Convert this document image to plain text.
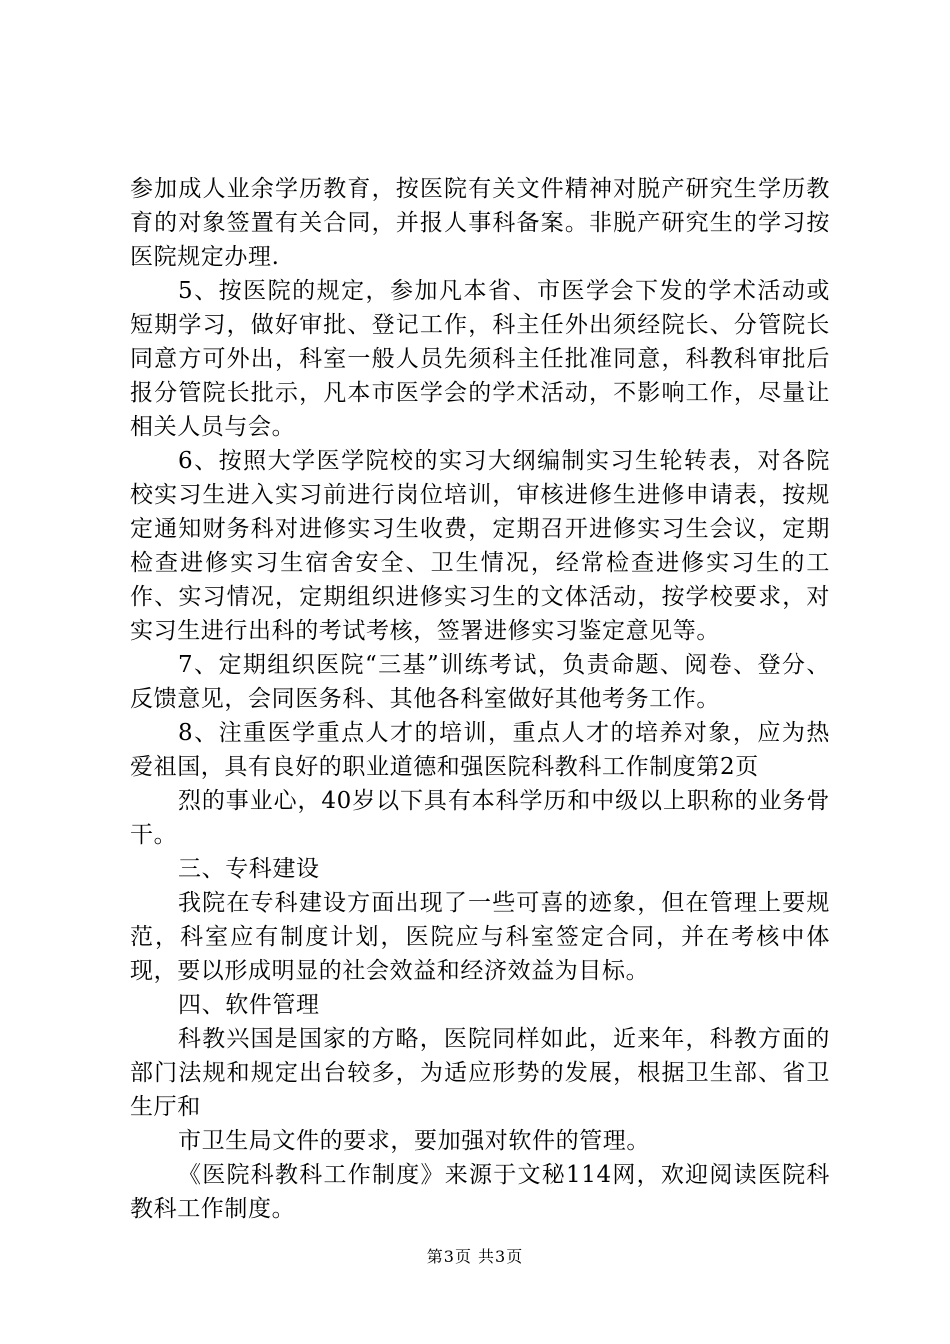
参加成人业余学历教育，按医院有关文件精神对脱产研究生学历教育的对象签置有关合同，并报人事科备案。非脱产研究生的学习按医院规定办理.

5、按医院的规定，参加凡本省、市医学会下发的学术活动或短期学习，做好审批、登记工作，科主任外出须经院长、分管院长同意方可外出，科室一般人员先须科主任批准同意，科教科审批后报分管院长批示，凡本市医学会的学术活动，不影响工作，尽量让相关人员与会。

6、按照大学医学院校的实习大纲编制实习生轮转表，对各院校实习生进入实习前进行岗位培训，审核进修生进修申请表，按规定通知财务科对进修实习生收费，定期召开进修实习生会议，定期检查进修实习生宿舍安全、卫生情况，经常检查进修实习生的工作、实习情况，定期组织进修实习生的文体活动，按学校要求，对实习生进行出科的考试考核，签署进修实习鉴定意见等。

7、定期组织医院“三基”训练考试，负责命题、阅卷、登分、反馈意见，会同医务科、其他各科室做好其他考务工作。

8、注重医学重点人才的培训，重点人才的培养对象，应为热爱祖国，具有良好的职业道德和强医院科教科工作制度第2页

烈的事业心，40岁以下具有本科学历和中级以上职称的业务骨干。

三、专科建设

我院在专科建设方面出现了一些可喜的迹象，但在管理上要规范，科室应有制度计划，医院应与科室签定合同，并在考核中体现，要以形成明显的社会效益和经济效益为目标。

四、软件管理

科教兴国是国家的方略，医院同样如此，近来年，科教方面的部门法规和规定出台较多，为适应形势的发展，根据卫生部、省卫生厅和

市卫生局文件的要求，要加强对软件的管理。

《医院科教科工作制度》来源于文秘114网，欢迎阅读医院科教科工作制度。

第3页 共3页
